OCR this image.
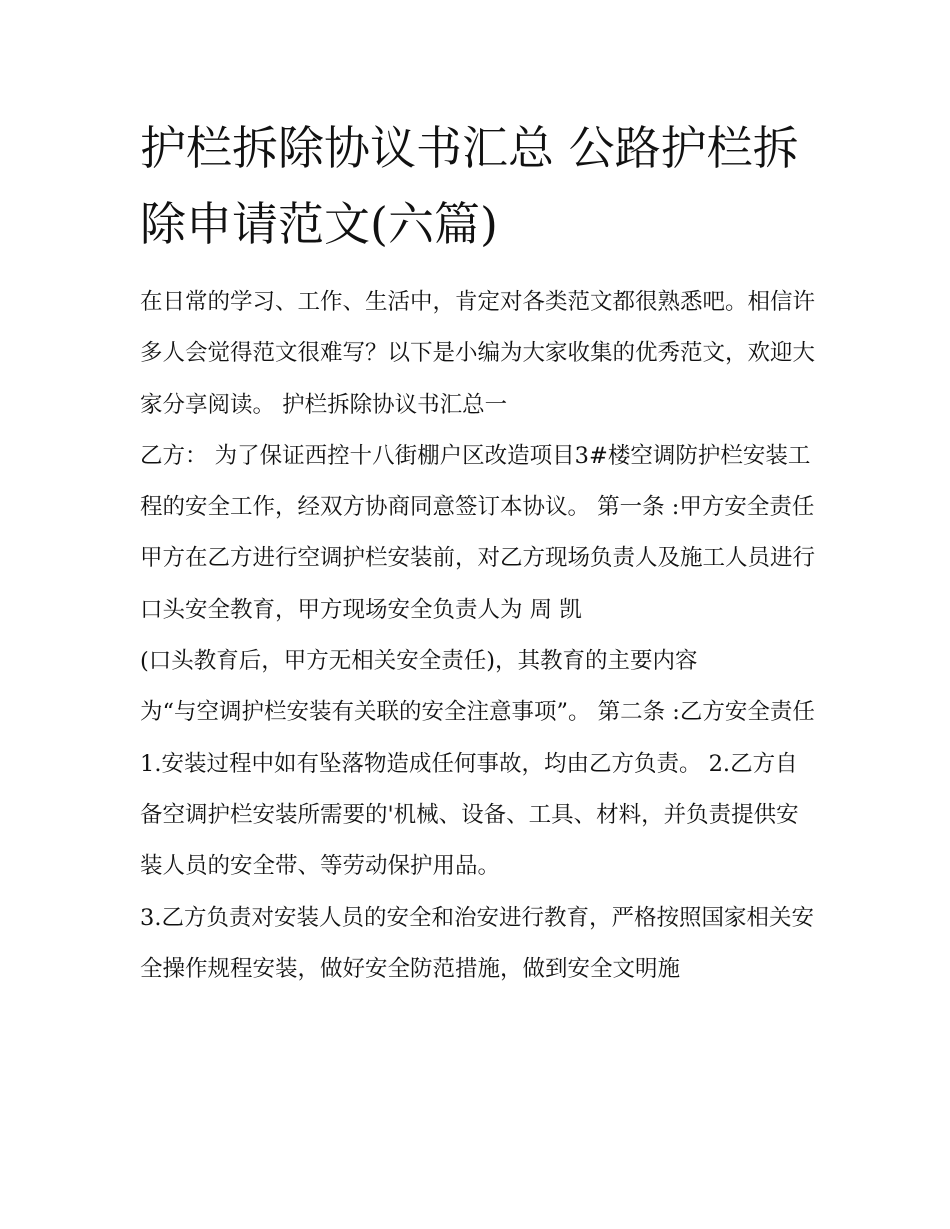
护栏拆除协议书汇总 公路护栏拆除申请范文(六篇)

在日常的学习、工作、生活中，肯定对各类范文都很熟悉吧。相信许多人会觉得范文很难写？以下是小编为大家收集的优秀范文，欢迎大家分享阅读。 护栏拆除协议书汇总一

乙方： 为了保证西控十八街棚户区改造项目3#楼空调防护栏安装工程的安全工作，经双方协商同意签订本协议。 第一条 :甲方安全责任

甲方在乙方进行空调护栏安装前，对乙方现场负责人及施工人员进行口头安全教育，甲方现场安全负责人为 周 凯

(口头教育后，甲方无相关安全责任)，其教育的主要内容

为“与空调护栏安装有关联的安全注意事项”。 第二条 :乙方安全责任

1.安装过程中如有坠落物造成任何事故，均由乙方负责。 2.乙方自备空调护栏安装所需要的'机械、设备、工具、材料，并负责提供安装人员的安全带、等劳动保护用品。

3.乙方负责对安装人员的安全和治安进行教育，严格按照国家相关安全操作规程安装，做好安全防范措施，做到安全文明施
